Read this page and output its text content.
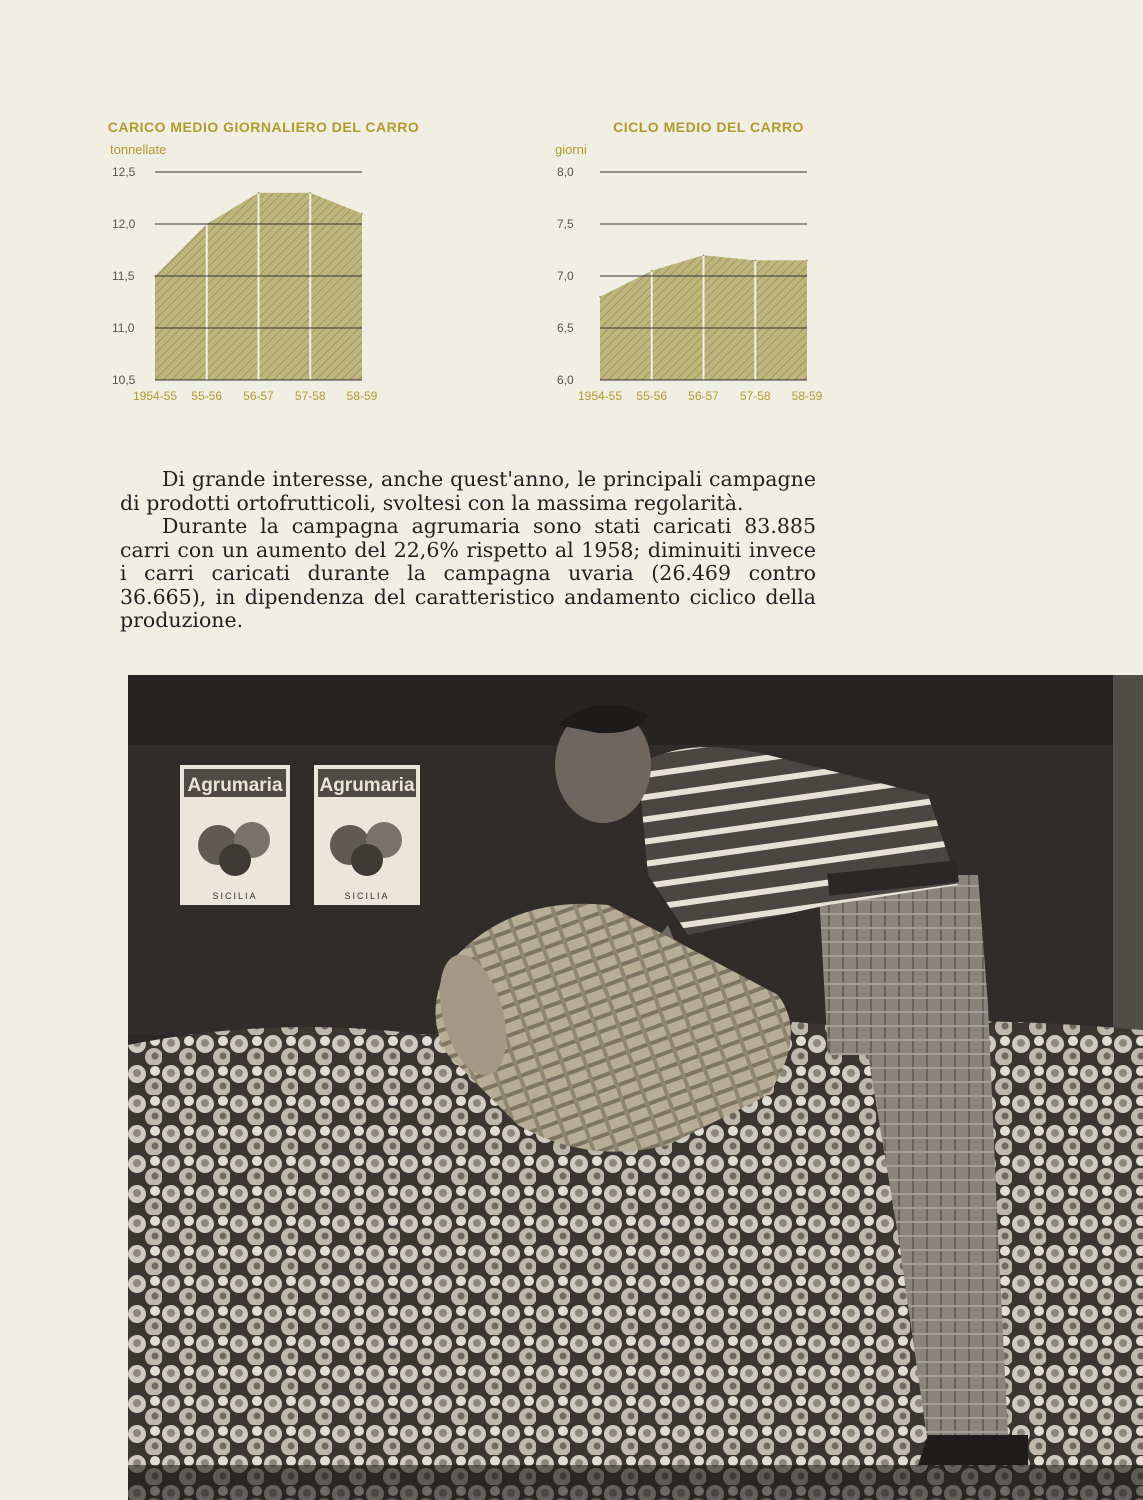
CARICO MEDIO GIORNALIERO DEL CARRO
tonnellate
12,5
12,0
11,5
11,0
10,5
1954-55 55-56 56-57 57-58 58-59
CICLO MEDIO DEL CARRO
giorni
8,0
7,5
7,0
6,5
6,0
1954-55 55-56 56-57 57-58 58-59

Di grande interesse, anche quest'anno, le principali campagne di prodotti ortofrutticoli, svoltesi con la massima regolarità.

Durante la campagna agrumaria sono stati caricati 83.885 carri con un aumento del 22,6% rispetto al 1958; diminuiti invece i carri caricati durante la campagna uvaria (26.469 contro 36.665), in dipendenza del caratteristico andamento ciclico della produzione.

Agrumaria
SICILIA
Agrumaria
SICILIA
